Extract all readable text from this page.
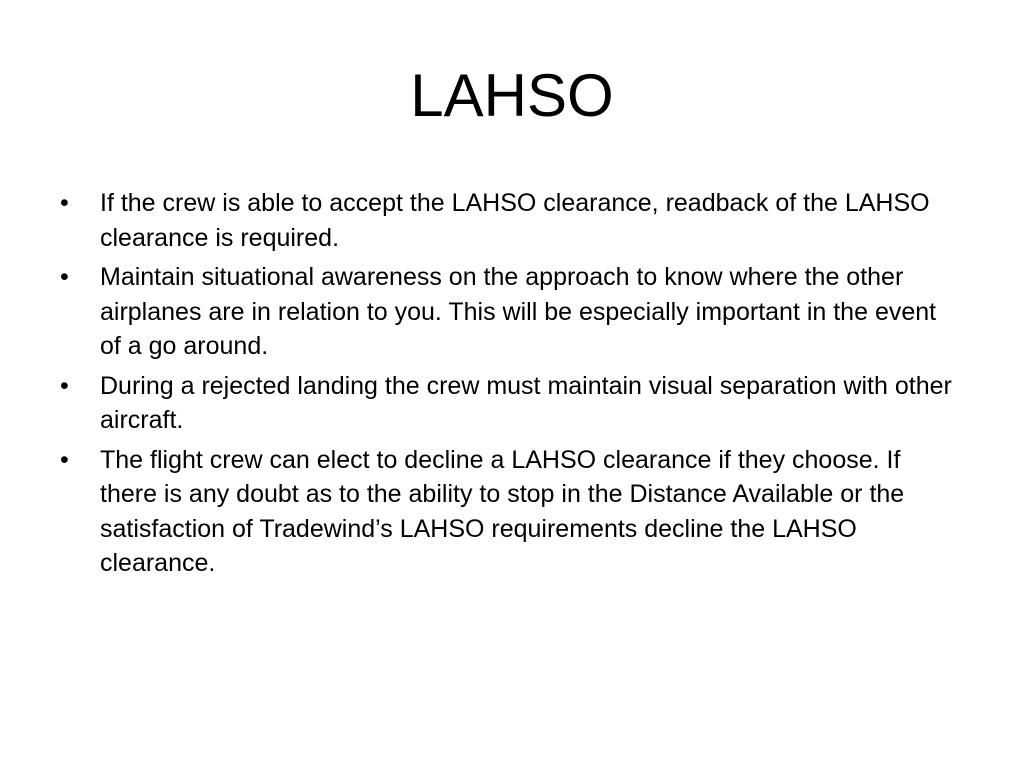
LAHSO
•	If the crew is able to accept the LAHSO clearance, readback of the LAHSO clearance is required.
•	Maintain situational awareness on the approach to know where the other airplanes are in relation to you. This will be especially important in the event of a go around.
•	During a rejected landing the crew must maintain visual separation with other aircraft.
•	The flight crew can elect to decline a LAHSO clearance if they choose. If there is any doubt as to the ability to stop in the Distance Available or the satisfaction of Tradewind’s LAHSO requirements decline the LAHSO clearance.
